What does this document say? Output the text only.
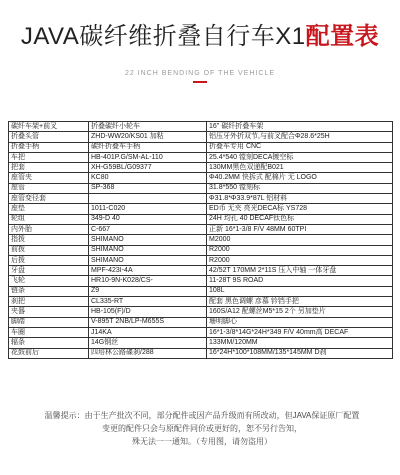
JAVA碳纤维折叠自行车X1配置表
22 INCH BENDING OF THE VEHICLE
碳纤车架+前叉	折叠碳纤小轮车	16" 碳纤折叠车架
折叠头管	ZHD-WW20/KS01 加粘	铝压牙外折双节,与前叉配合Φ28.6*25H
折叠手柄	碳纤折叠车手柄	折叠车专用 CNC
车把	HB-401P.G/SM-AL-110	25.4*540 镗刻DECA镀空标
把套	XH-G59BL/G09377	130MM黑色双递配B021
座管夹	KC80	Φ40.2MM 快拆式 配棉片 无 LOGO
座管	SP-368	31.8*550 镗刻标
座管变径套		Φ31.8*Φ33.9*87L 铝材料
座垫	1011-C020	ED币 无夹 亮光DECA标 YS728
轮组	349-D 40	24H 均孔 40 DECAF钛色标
内外胎	C-667	正新 16*1-3/8 F/V 48MM 60TPI
指拨	SHIMANO	M2000
前拨	SHIMANO	R2000
后拨	SHIMANO	R2000
牙盘	MPF-423I-4A	42/52T 170MM 2*11S 压入中轴 一体牙盘
飞轮	HR10-9N-K028/CS-	11-28T 9S ROAD
链条	Z9	108L
刹把	CL335-RT	配套 黑色调螺 彦慕 钤铛手把
夹器	HB-105(F)/D	160S/A12 配螺丝M5*15 2个 另加垫片
脚踏	V-895T 2NB/LP-M655S	珊明脚心
车圈	J14KA	16*1-3/8*14G*24H*349 F/V 40mm高 DECAF
辐条	14G钢丝	133MM/120MM
花鼓前后	四培林公路碟刹/288	16*24H*100*108MM/135*145MM D刹
温馨提示：由于生产批次不同，部分配件或因产品升级而有所改动，但JAVA保证原厂配置
变更的配件只会与原配件同价或更好的，恕不另行告知，
殊无法一一通知。（专用图，请勿盗用）
